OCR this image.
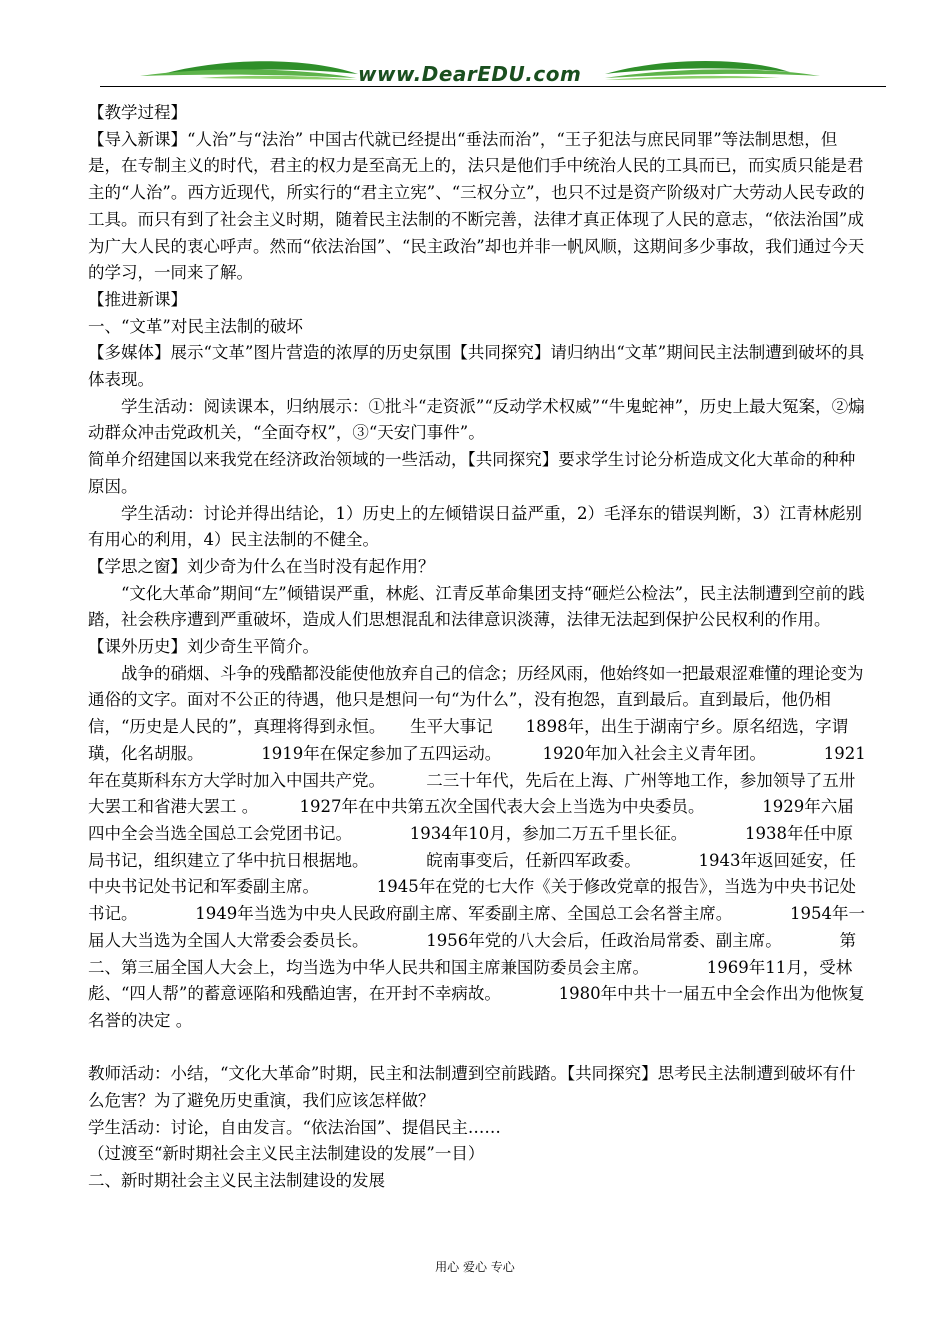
www.DearEDU.com

【教学过程】

【导入新课】“人治”与“法治” 中国古代就已经提出“垂法而治”，“王子犯法与庶民同罪”等法制思想，但是，在专制主义的时代，君主的权力是至高无上的，法只是他们手中统治人民的工具而已，而实质只能是君主的“人治”。西方近现代，所实行的“君主立宪”、“三权分立”，也只不过是资产阶级对广大劳动人民专政的工具。而只有到了社会主义时期，随着民主法制的不断完善，法律才真正体现了人民的意志，“依法治国”成为广大人民的衷心呼声。然而“依法治国”、“民主政治”却也并非一帆风顺，这期间多少事故，我们通过今天的学习，一同来了解。

【推进新课】

一、“文革”对民主法制的破坏

【多媒体】展示“文革”图片营造的浓厚的历史氛围【共同探究】请归纳出“文革”期间民主法制遭到破坏的具体表现。

学生活动：阅读课本，归纳展示：①批斗“走资派”“反动学术权威”“牛鬼蛇神”，历史上最大冤案，②煽动群众冲击党政机关，“全面夺权”，③“天安门事件”。

简单介绍建国以来我党在经济政治领域的一些活动，【共同探究】要求学生讨论分析造成文化大革命的种种原因。

学生活动：讨论并得出结论，1）历史上的左倾错误日益严重，2）毛泽东的错误判断，3）江青林彪别有用心的利用，4）民主法制的不健全。

【学思之窗】刘少奇为什么在当时没有起作用？

“文化大革命”期间“左”倾错误严重，林彪、江青反革命集团支持“砸烂公检法”，民主法制遭到空前的践踏，社会秩序遭到严重破坏，造成人们思想混乱和法律意识淡薄，法律无法起到保护公民权利的作用。

【课外历史】刘少奇生平简介。

战争的硝烟、斗争的残酷都没能使他放弃自己的信念；历经风雨，他始终如一把最艰涩难懂的理论变为通俗的文字。面对不公正的待遇，他只是想问一句“为什么”，没有抱怨，直到最后。直到最后，他仍相信，“历史是人民的”，真理将得到永恒。　　生平大事记　　1898年，出生于湖南宁乡。原名绍选，字谓璜，化名胡服。　　　　1919年在保定参加了五四运动。　　　1920年加入社会主义青年团。　　　　1921年在莫斯科东方大学时加入中国共产党。　　　二三十年代，先后在上海、广州等地工作，参加领导了五卅大罢工和省港大罢工 。　　　1927年在中共第五次全国代表大会上当选为中央委员。　　　　1929年六届四中全会当选全国总工会党团书记。　　　　1934年10月，参加二万五千里长征。　　　　1938年任中原局书记，组织建立了华中抗日根据地。　　　　皖南事变后，任新四军政委。　　　　1943年返回延安，任中央书记处书记和军委副主席。　　　　1945年在党的七大作《关于修改党章的报告》，当选为中央书记处书记。　　　　1949年当选为中央人民政府副主席、军委副主席、全国总工会名誉主席。　　　　1954年一届人大当选为全国人大常委会委员长。　　　　1956年党的八大会后，任政治局常委、副主席。　　　　第二、第三届全国人大会上，均当选为中华人民共和国主席兼国防委员会主席。　　　　1969年11月，受林彪、“四人帮”的蓄意诬陷和残酷迫害，在开封不幸病故。　　　　1980年中共十一届五中全会作出为他恢复名誉的决定 。

教师活动：小结，“文化大革命”时期，民主和法制遭到空前践踏。【共同探究】思考民主法制遭到破坏有什么危害？为了避免历史重演，我们应该怎样做？

学生活动：讨论，自由发言。“依法治国”、提倡民主……

（过渡至“新时期社会主义民主法制建设的发展”一目）

二、新时期社会主义民主法制建设的发展

用心 爱心 专心
